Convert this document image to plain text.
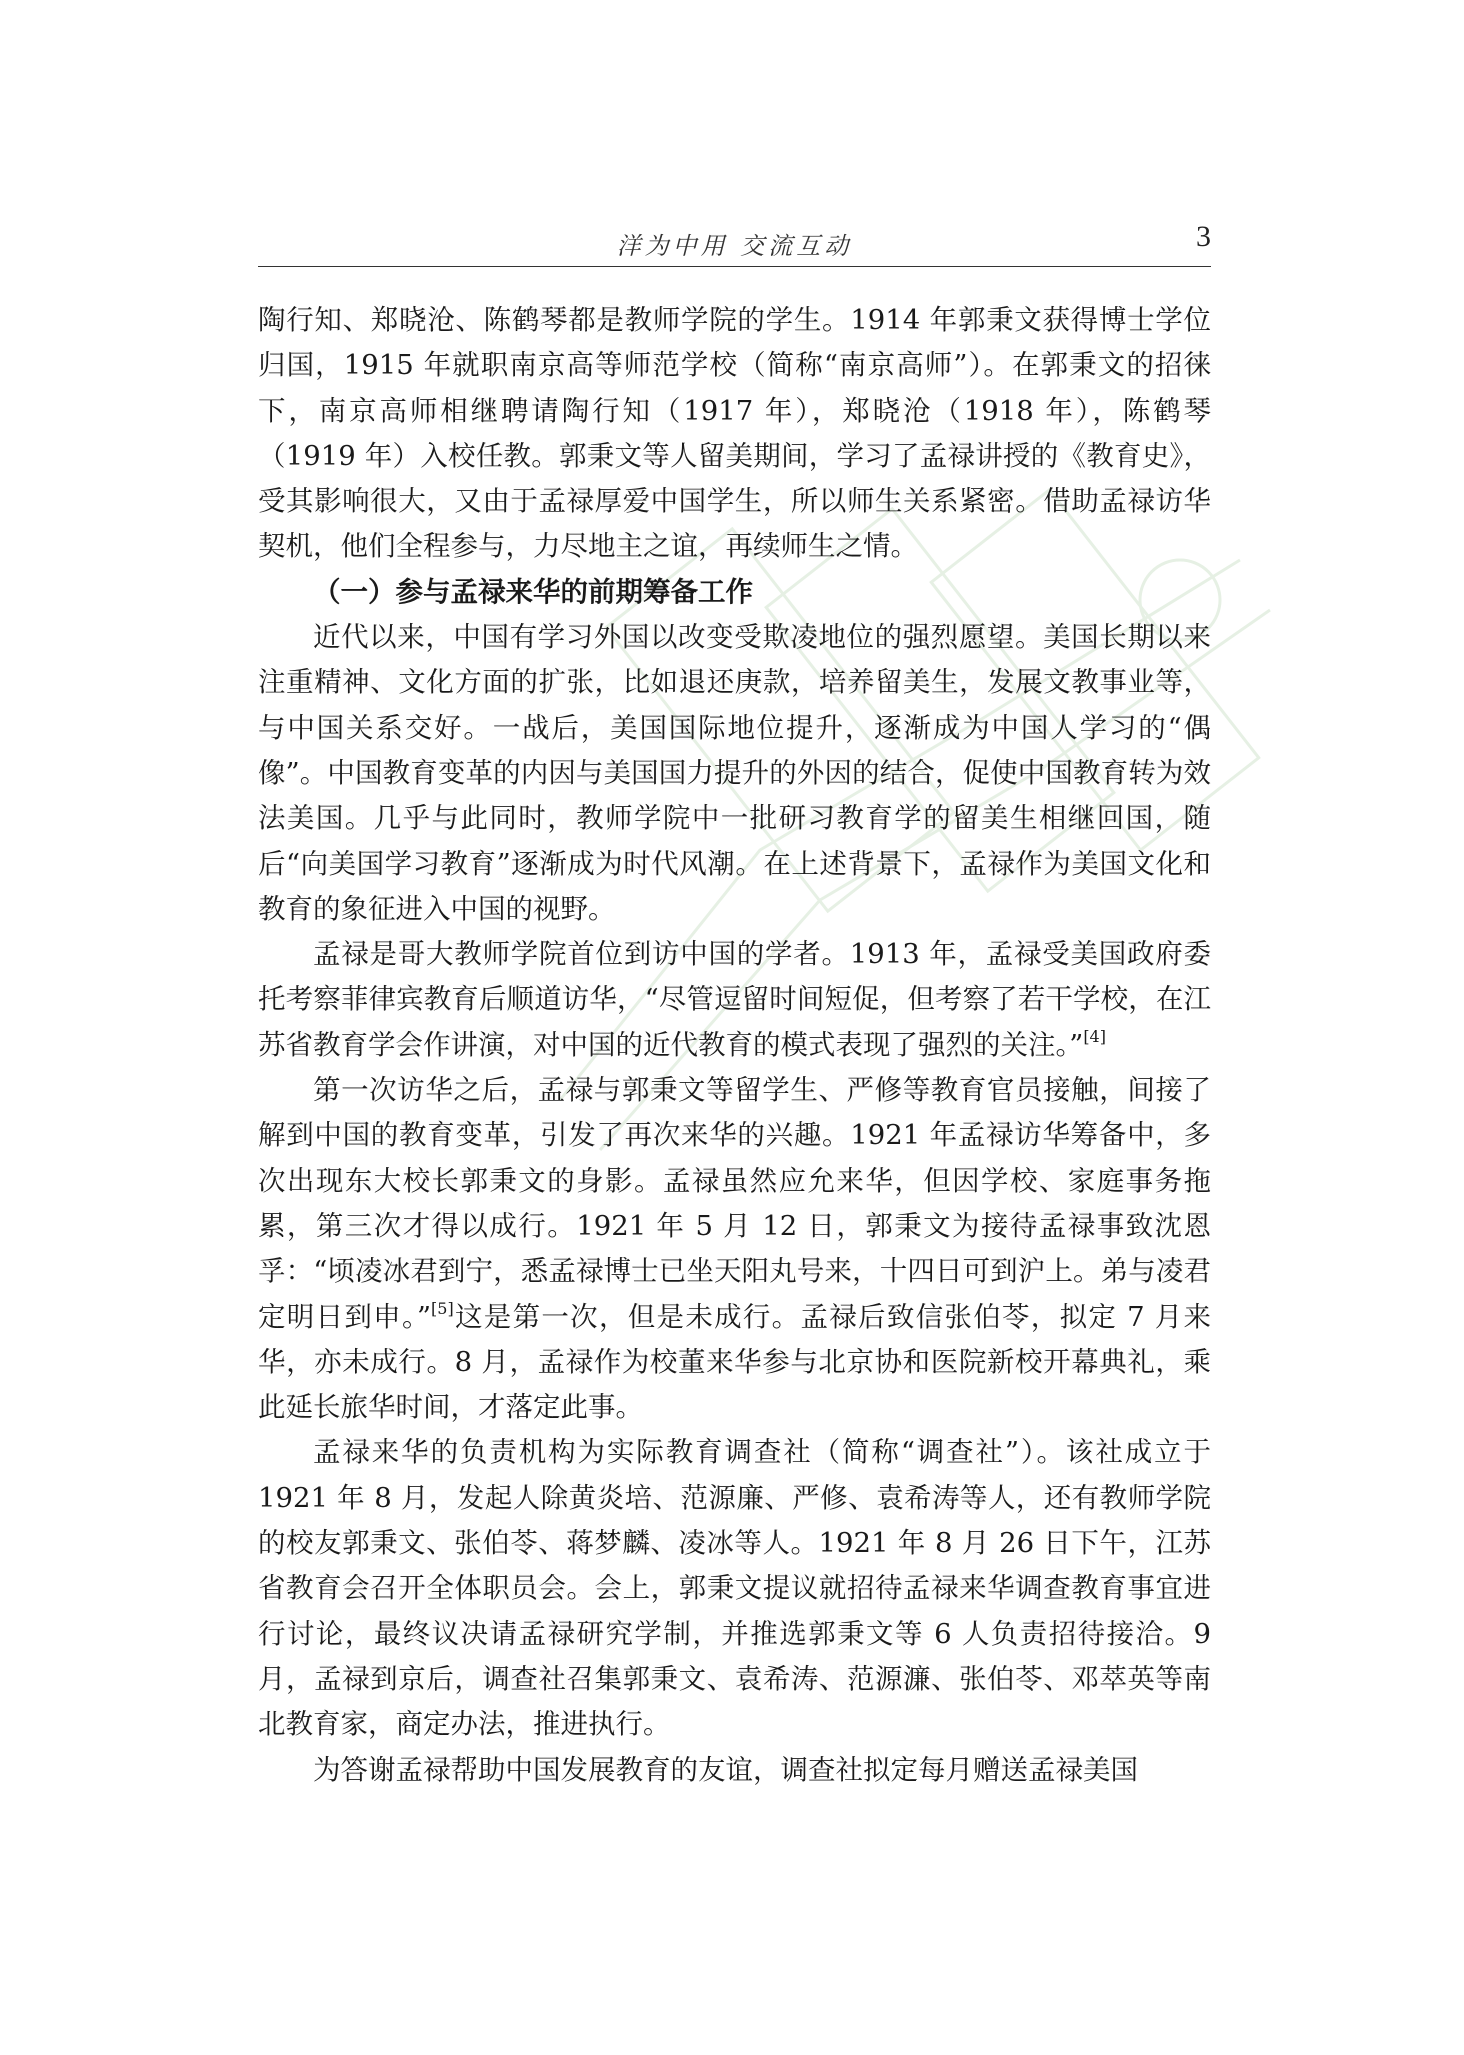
洋为中用 交流互动	3

陶行知、郑晓沧、陈鹤琴都是教师学院的学生。1914 年郭秉文获得博士学位归国，1915 年就职南京高等师范学校（简称“南京高师”）。在郭秉文的招徕下，南京高师相继聘请陶行知（1917 年），郑晓沧（1918 年），陈鹤琴（1919 年）入校任教。郭秉文等人留美期间，学习了孟禄讲授的《教育史》，受其影响很大，又由于孟禄厚爱中国学生，所以师生关系紧密。借助孟禄访华契机，他们全程参与，力尽地主之谊，再续师生之情。

（一）参与孟禄来华的前期筹备工作

近代以来，中国有学习外国以改变受欺凌地位的强烈愿望。美国长期以来注重精神、文化方面的扩张，比如退还庚款，培养留美生，发展文教事业等，与中国关系交好。一战后，美国国际地位提升，逐渐成为中国人学习的“偶像”。中国教育变革的内因与美国国力提升的外因的结合，促使中国教育转为效法美国。几乎与此同时，教师学院中一批研习教育学的留美生相继回国，随后“向美国学习教育”逐渐成为时代风潮。在上述背景下，孟禄作为美国文化和教育的象征进入中国的视野。

孟禄是哥大教师学院首位到访中国的学者。1913 年，孟禄受美国政府委托考察菲律宾教育后顺道访华，“尽管逗留时间短促，但考察了若干学校，在江苏省教育学会作讲演，对中国的近代教育的模式表现了强烈的关注。”[4]

第一次访华之后，孟禄与郭秉文等留学生、严修等教育官员接触，间接了解到中国的教育变革，引发了再次来华的兴趣。1921 年孟禄访华筹备中，多次出现东大校长郭秉文的身影。孟禄虽然应允来华，但因学校、家庭事务拖累，第三次才得以成行。1921 年 5 月 12 日，郭秉文为接待孟禄事致沈恩孚：“顷凌冰君到宁，悉孟禄博士已坐天阳丸号来，十四日可到沪上。弟与凌君定明日到申。”[5]这是第一次，但是未成行。孟禄后致信张伯苓，拟定 7 月来华，亦未成行。8 月，孟禄作为校董来华参与北京协和医院新校开幕典礼，乘此延长旅华时间，才落定此事。

孟禄来华的负责机构为实际教育调查社（简称“调查社”）。该社成立于 1921 年 8 月，发起人除黄炎培、范源廉、严修、袁希涛等人，还有教师学院的校友郭秉文、张伯苓、蒋梦麟、凌冰等人。1921 年 8 月 26 日下午，江苏省教育会召开全体职员会。会上，郭秉文提议就招待孟禄来华调查教育事宜进行讨论，最终议决请孟禄研究学制，并推选郭秉文等 6 人负责招待接洽。9 月，孟禄到京后，调查社召集郭秉文、袁希涛、范源濂、张伯苓、邓萃英等南北教育家，商定办法，推进执行。

为答谢孟禄帮助中国发展教育的友谊，调查社拟定每月赠送孟禄美国
